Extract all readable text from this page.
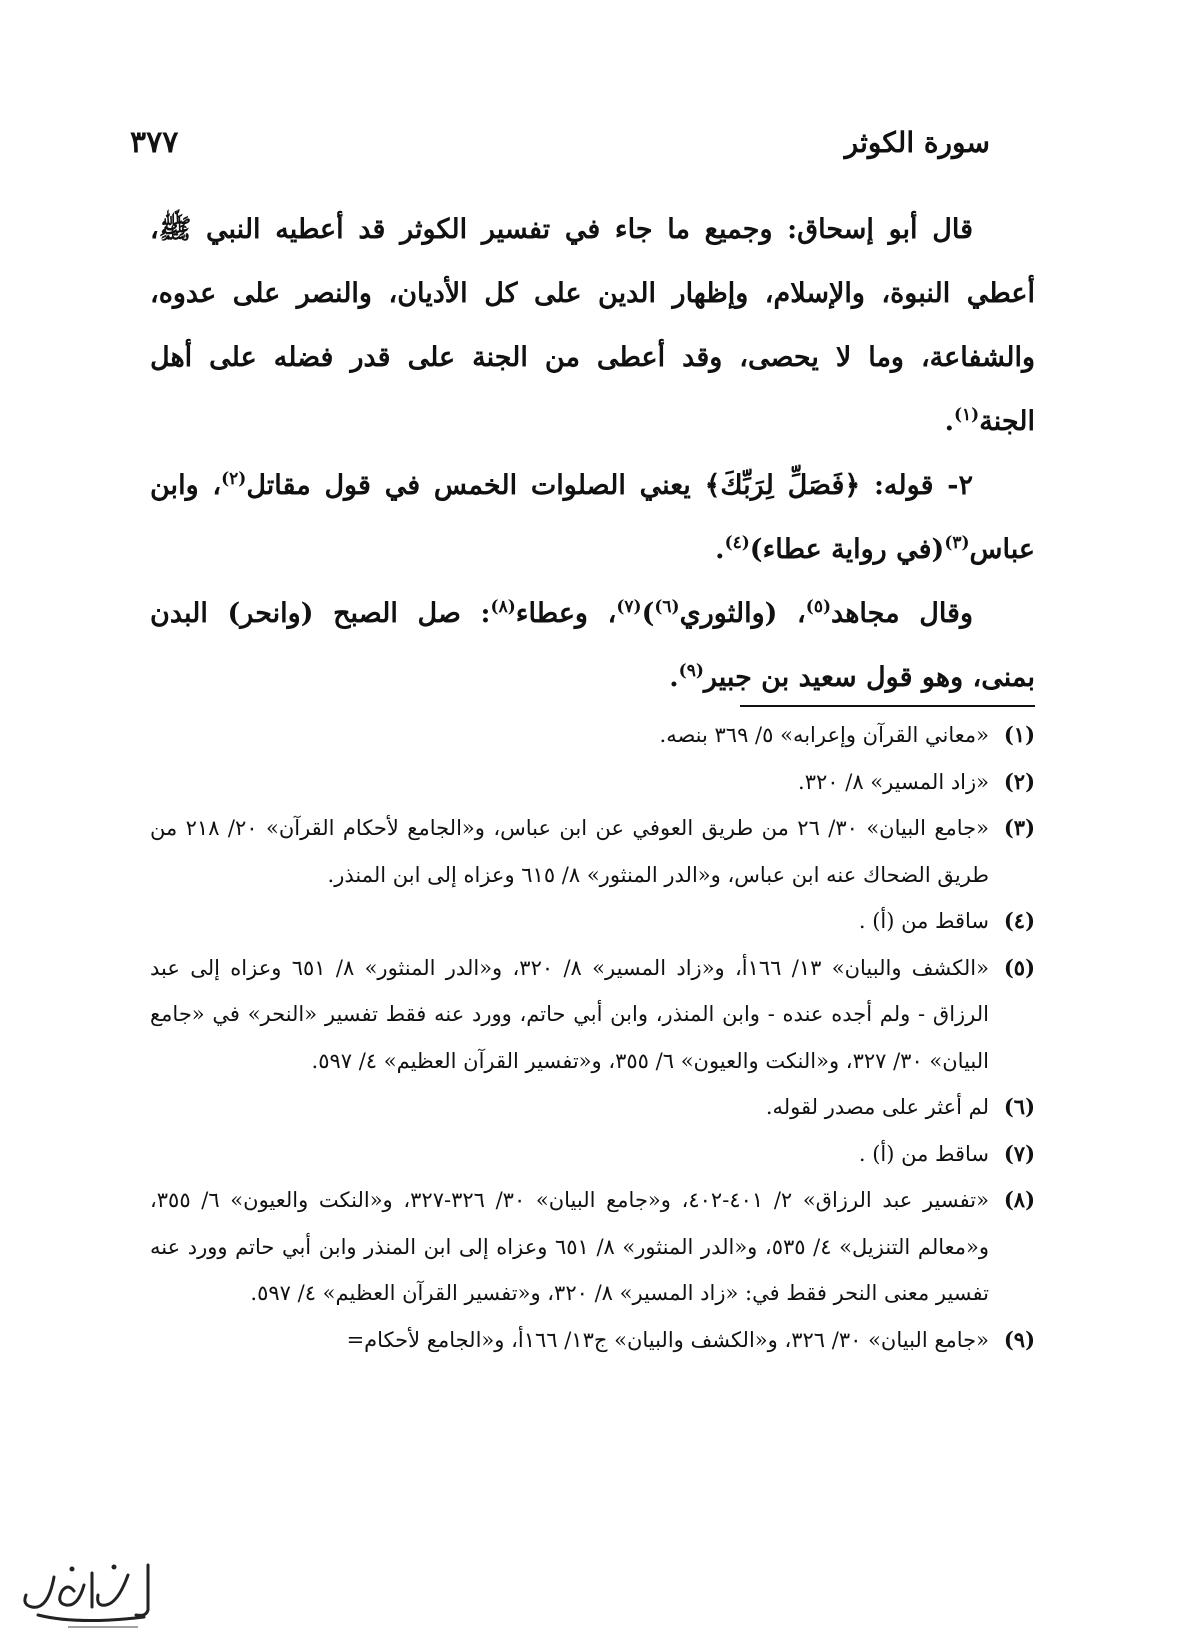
سورة الكوثر
٣٧٧

قال أبو إسحاق: وجميع ما جاء في تفسير الكوثر قد أعطيه النبي ﷺ، أعطي النبوة، والإسلام، وإظهار الدين على كل الأديان، والنصر على عدوه، والشفاعة، وما لا يحصى، وقد أعطى من الجنة على قدر فضله على أهل الجنة$^{(١)}$.

٢- قوله: ﴿فَصَلِّ لِرَبِّكَ﴾ يعني الصلوات الخمس في قول مقاتل$^{(٢)}$، وابن عباس$^{(٣)}$(في رواية عطاء)$^{(٤)}$.

وقال مجاهد$^{(٥)}$، (والثوري$^{(٦)}$)$^{(٧)}$، وعطاء$^{(٨)}$: صل الصبح (وانحر) البدن بمنى، وهو قول سعيد بن جبير$^{(٩)}$.

(١)
«معاني القرآن وإعرابه» ٥/ ٣٦٩ بنصه.
(٢)
«زاد المسير» ٨/ ٣٢٠.
(٣)
«جامع البيان» ٣٠/ ٢٦ من طريق العوفي عن ابن عباس، و«الجامع لأحكام القرآن» ٢٠/ ٢١٨ من طريق الضحاك عنه ابن عباس، و«الدر المنثور» ٨/ ٦١٥ وعزاه إلى ابن المنذر.
(٤)
ساقط من (أ) .
(٥)
«الكشف والبيان» ١٣/ ١٦٦أ، و«زاد المسير» ٨/ ٣٢٠، و«الدر المنثور» ٨/ ٦٥١ وعزاه إلى عبد الرزاق - ولم أجده عنده - وابن المنذر، وابن أبي حاتم، وورد عنه فقط تفسير «النحر» في «جامع البيان» ٣٠/ ٣٢٧، و«النكت والعيون» ٦/ ٣٥٥، و«تفسير القرآن العظيم» ٤/ ٥٩٧.
(٦)
لم أعثر على مصدر لقوله.
(٧)
ساقط من (أ) .
(٨)
«تفسير عبد الرزاق» ٢/ ٤٠١-٤٠٢، و«جامع البيان» ٣٠/ ٣٢٦-٣٢٧، و«النكت والعيون» ٦/ ٣٥٥، و«معالم التنزيل» ٤/ ٥٣٥، و«الدر المنثور» ٨/ ٦٥١ وعزاه إلى ابن المنذر وابن أبي حاتم وورد عنه تفسير معنى النحر فقط في: «زاد المسير» ٨/ ٣٢٠، و«تفسير القرآن العظيم» ٤/ ٥٩٧.
(٩)
«جامع البيان» ٣٠/ ٣٢٦، و«الكشف والبيان» ج١٣/ ١٦٦أ، و«الجامع لأحكام=
